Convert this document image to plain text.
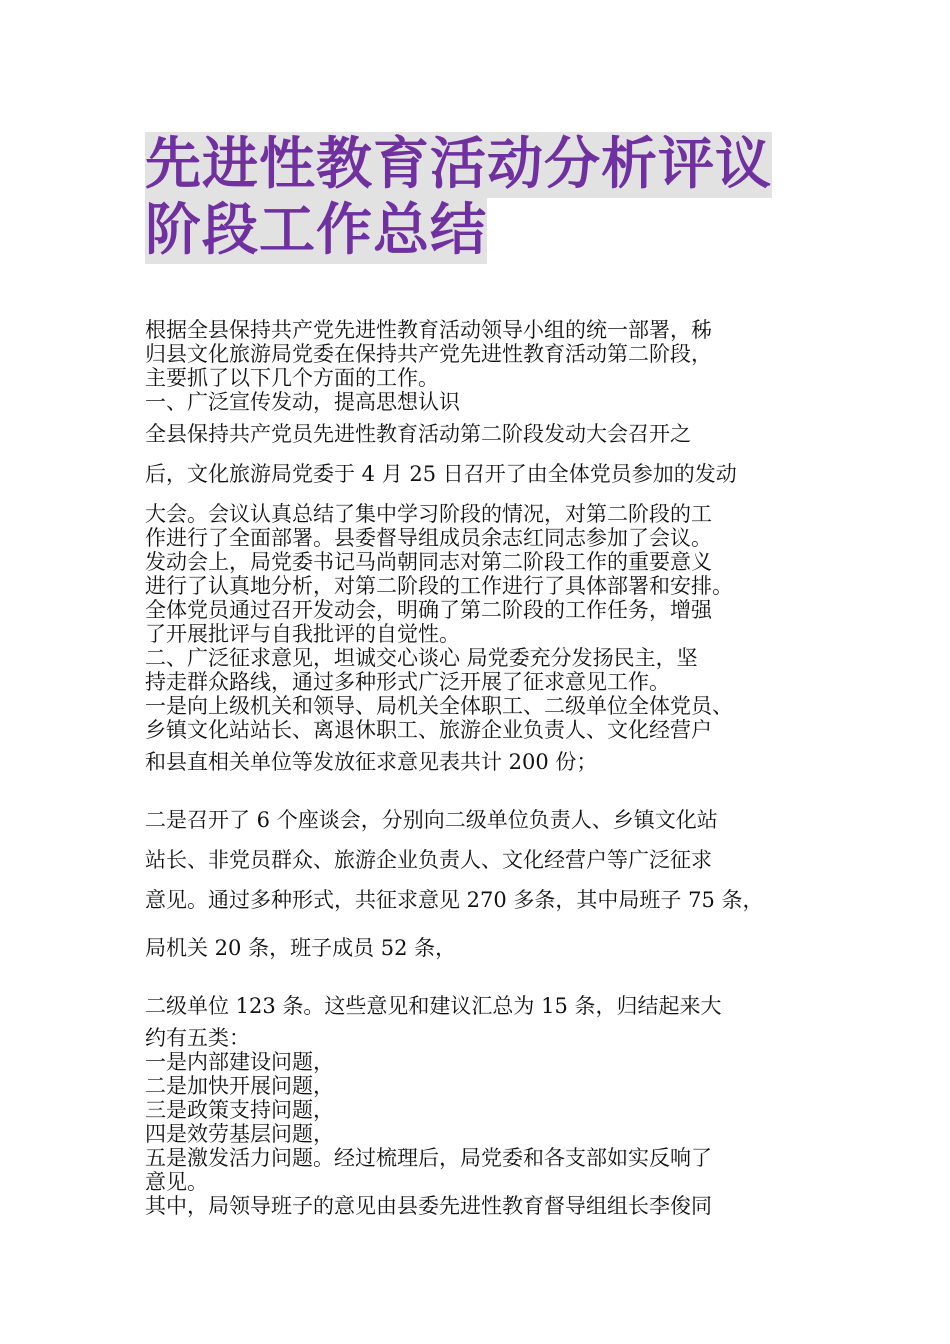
先进性教育活动分析评议
阶段工作总结
根据全县保持共产党先进性教育活动领导小组的统一部署，秭
归县文化旅游局党委在保持共产党先进性教育活动第二阶段，
主要抓了以下几个方面的工作。
一、广泛宣传发动，提高思想认识
全县保持共产党员先进性教育活动第二阶段发动大会召开之
后，文化旅游局党委于 4 月 25 日召开了由全体党员参加的发动
大会。会议认真总结了集中学习阶段的情况，对第二阶段的工
作进行了全面部署。县委督导组成员余志红同志参加了会议。
发动会上，局党委书记马尚朝同志对第二阶段工作的重要意义
进行了认真地分析，对第二阶段的工作进行了具体部署和安排。
全体党员通过召开发动会，明确了第二阶段的工作任务，增强
了开展批评与自我批评的自觉性。
二、广泛征求意见，坦诚交心谈心 局党委充分发扬民主，坚
持走群众路线，通过多种形式广泛开展了征求意见工作。
一是向上级机关和领导、局机关全体职工、二级单位全体党员、
乡镇文化站站长、离退休职工、旅游企业负责人、文化经营户
和县直相关单位等发放征求意见表共计 200 份；
二是召开了 6 个座谈会，分别向二级单位负责人、乡镇文化站
站长、非党员群众、旅游企业负责人、文化经营户等广泛征求
意见。通过多种形式，共征求意见 270 多条，其中局班子 75 条，
局机关 20 条，班子成员 52 条，
二级单位 123 条。这些意见和建议汇总为 15 条，归结起来大
约有五类：
一是内部建设问题，
二是加快开展问题，
三是政策支持问题，
四是效劳基层问题，
五是激发活力问题。经过梳理后，局党委和各支部如实反响了
意见。
其中，局领导班子的意见由县委先进性教育督导组组长李俊同
